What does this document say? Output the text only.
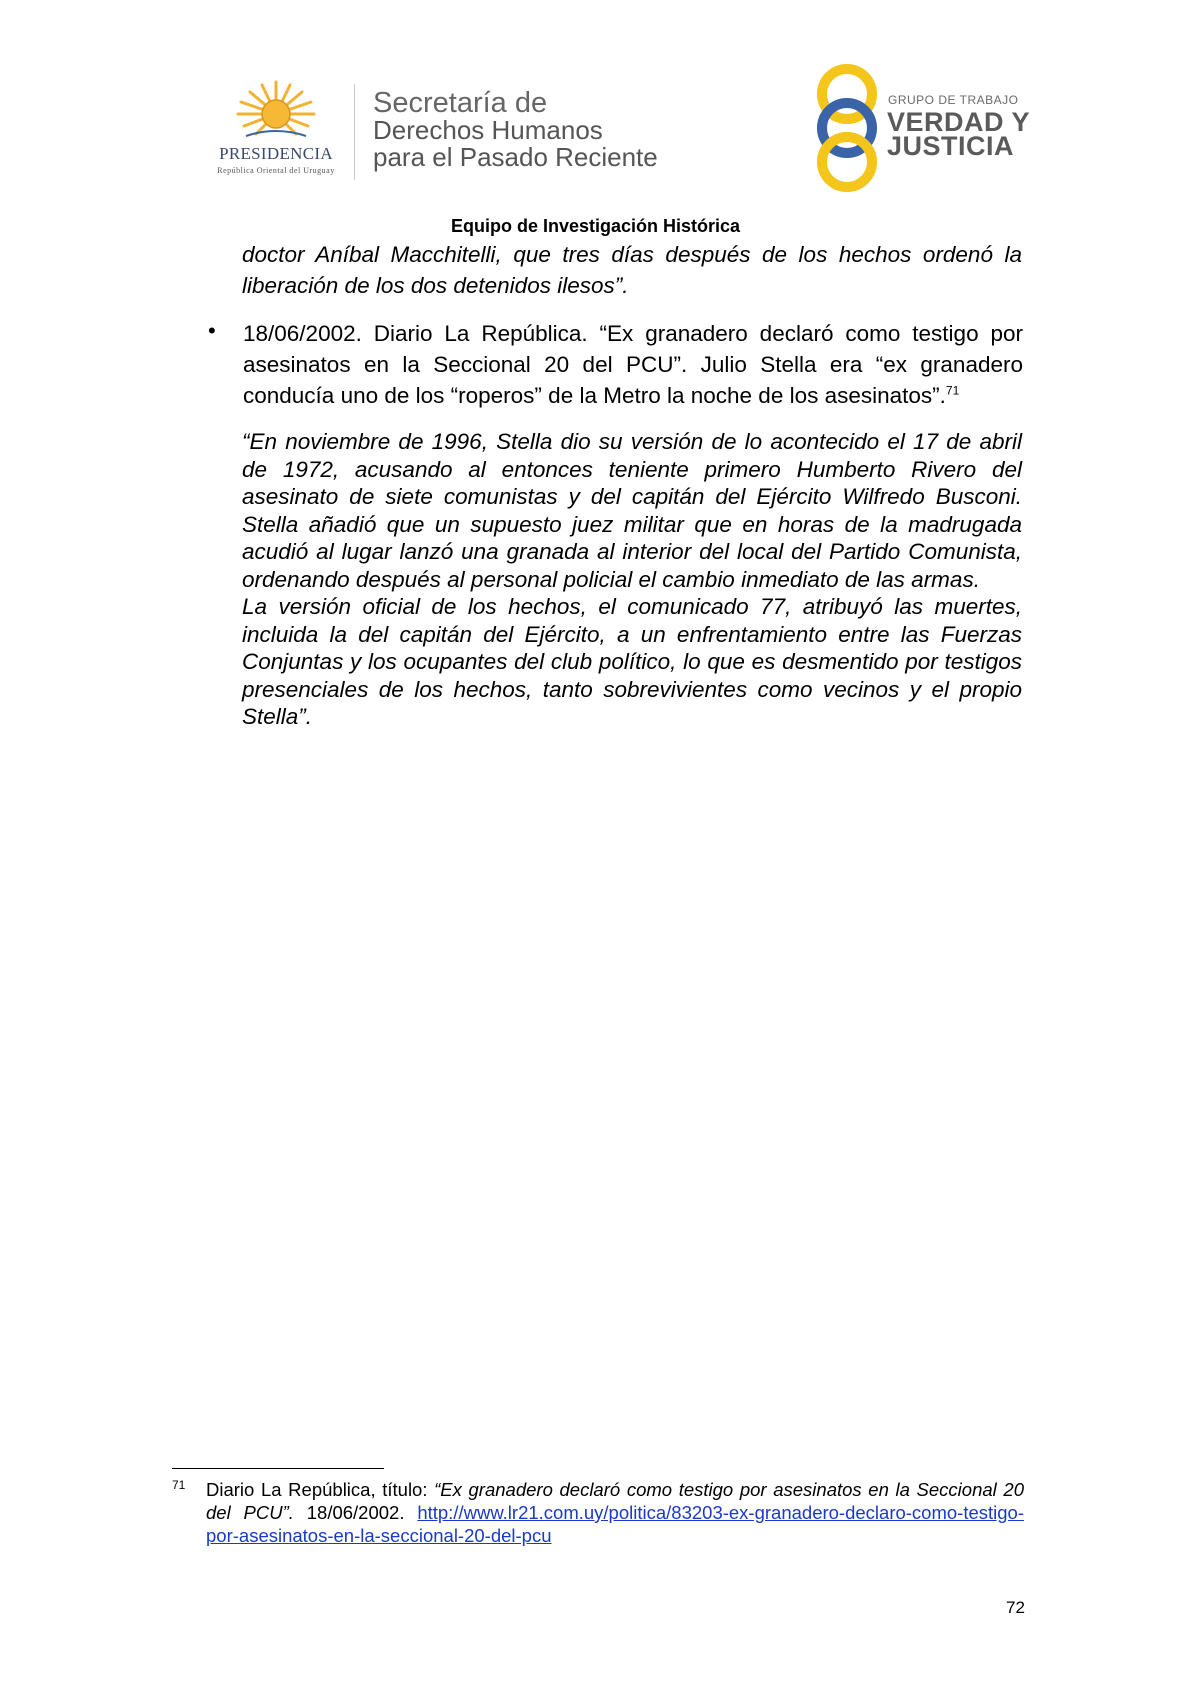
PRESIDENCIA
República Oriental del Uruguay
Secretaría de
Derechos Humanos
para el Pasado Reciente
GRUPO DE TRABAJO
VERDAD Y
JUSTICIA
Equipo de Investigación Histórica
doctor Aníbal Macchitelli, que tres días después de los hechos ordenó la liberación de los dos detenidos ilesos”.
• 18/06/2002. Diario La República. “Ex granadero declaró como testigo por asesinatos en la Seccional 20 del PCU”. Julio Stella era “ex granadero conducía uno de los “roperos” de la Metro la noche de los asesinatos”.$^{71}$

“En noviembre de 1996, Stella dio su versión de lo acontecido el 17 de abril de 1972, acusando al entonces teniente primero Humberto Rivero del asesinato de siete comunistas y del capitán del Ejército Wilfredo Busconi. Stella añadió que un supuesto juez militar que en horas de la madrugada acudió al lugar lanzó una granada al interior del local del Partido Comunista, ordenando después al personal policial el cambio inmediato de las armas.

La versión oficial de los hechos, el comunicado 77, atribuyó las muertes, incluida la del capitán del Ejército, a un enfrentamiento entre las Fuerzas Conjuntas y los ocupantes del club político, lo que es desmentido por testigos presenciales de los hechos, tanto sobrevivientes como vecinos y el propio Stella”.

71 Diario La República, título: “Ex granadero declaró como testigo por asesinatos en la Seccional 20 del PCU”. 18/06/2002. http://www.lr21.com.uy/politica/83203-ex-granadero-declaro-como-testigo-por-asesinatos-en-la-seccional-20-del-pcu
72
